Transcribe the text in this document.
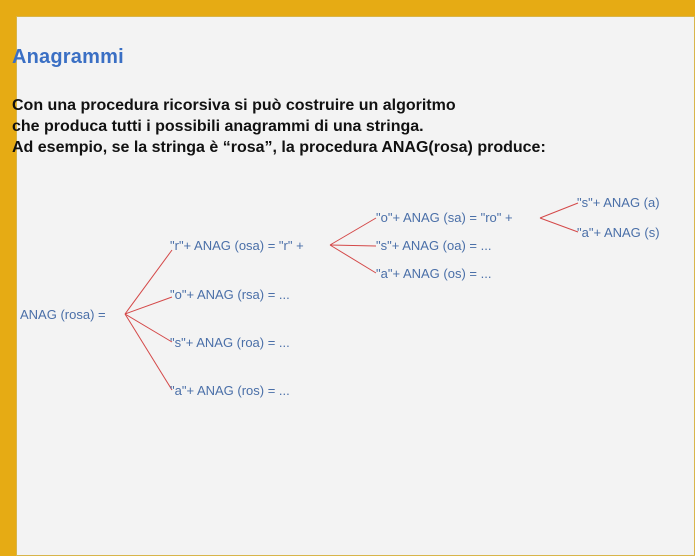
Anagrammi
Con una procedura ricorsiva si può costruire un algoritmo
che produca tutti i possibili anagrammi di una stringa.
Ad esempio, se la stringa è “rosa”, la procedura ANAG(rosa) produce:
ANAG (rosa) =
"r"+ ANAG (osa) = "r" +
"o"+ ANAG (rsa) = ...
"s"+ ANAG (roa) = ...
"a"+ ANAG (ros) = ...
"o"+ ANAG (sa) = "ro" +
"s"+ ANAG (oa) = ...
"a"+ ANAG (os) = ...
"s"+ ANAG (a)
"a"+ ANAG (s)
